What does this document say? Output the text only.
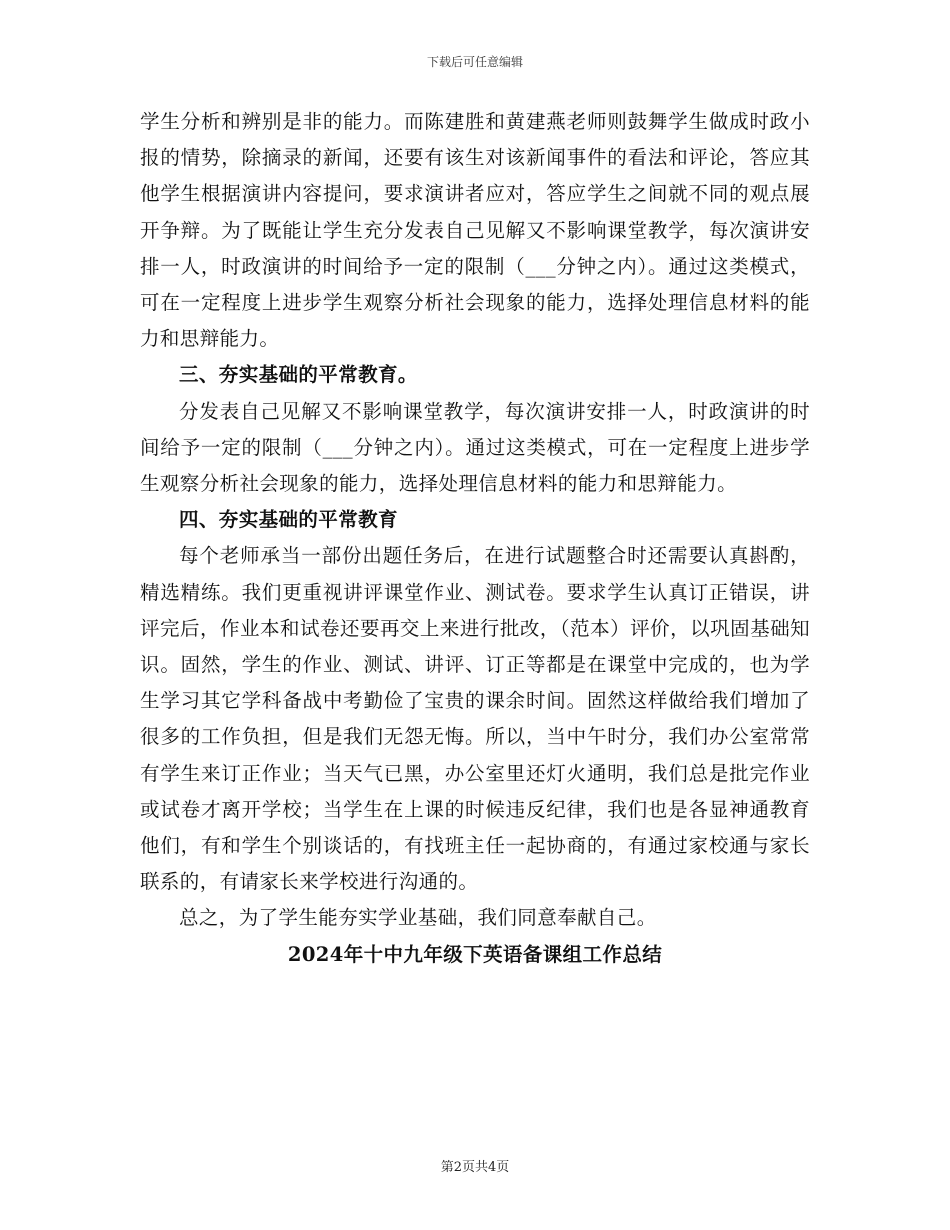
下载后可任意编辑

学生分析和辨别是非的能力。而陈建胜和黄建燕老师则鼓舞学生做成时政小报的情势，除摘录的新闻，还要有该生对该新闻事件的看法和评论，答应其他学生根据演讲内容提问，要求演讲者应对，答应学生之间就不同的观点展开争辩。为了既能让学生充分发表自己见解又不影响课堂教学，每次演讲安排一人，时政演讲的时间给予一定的限制（___分钟之内）。通过这类模式，可在一定程度上进步学生观察分析社会现象的能力，选择处理信息材料的能力和思辩能力。

三、夯实基础的平常教育。

分发表自己见解又不影响课堂教学，每次演讲安排一人，时政演讲的时间给予一定的限制（___分钟之内）。通过这类模式，可在一定程度上进步学生观察分析社会现象的能力，选择处理信息材料的能力和思辩能力。

四、夯实基础的平常教育

每个老师承当一部份出题任务后，在进行试题整合时还需要认真斟酌，精选精练。我们更重视讲评课堂作业、测试卷。要求学生认真订正错误，讲评完后，作业本和试卷还要再交上来进行批改，（范本）评价，以巩固基础知识。固然，学生的作业、测试、讲评、订正等都是在课堂中完成的，也为学生学习其它学科备战中考勤俭了宝贵的课余时间。固然这样做给我们增加了很多的工作负担，但是我们无怨无悔。所以，当中午时分，我们办公室常常有学生来订正作业；当天气已黑，办公室里还灯火通明，我们总是批完作业或试卷才离开学校；当学生在上课的时候违反纪律，我们也是各显神通教育他们，有和学生个别谈话的，有找班主任一起协商的，有通过家校通与家长联系的，有请家长来学校进行沟通的。

总之，为了学生能夯实学业基础，我们同意奉献自己。

2024年十中九年级下英语备课组工作总结

第2页共4页
